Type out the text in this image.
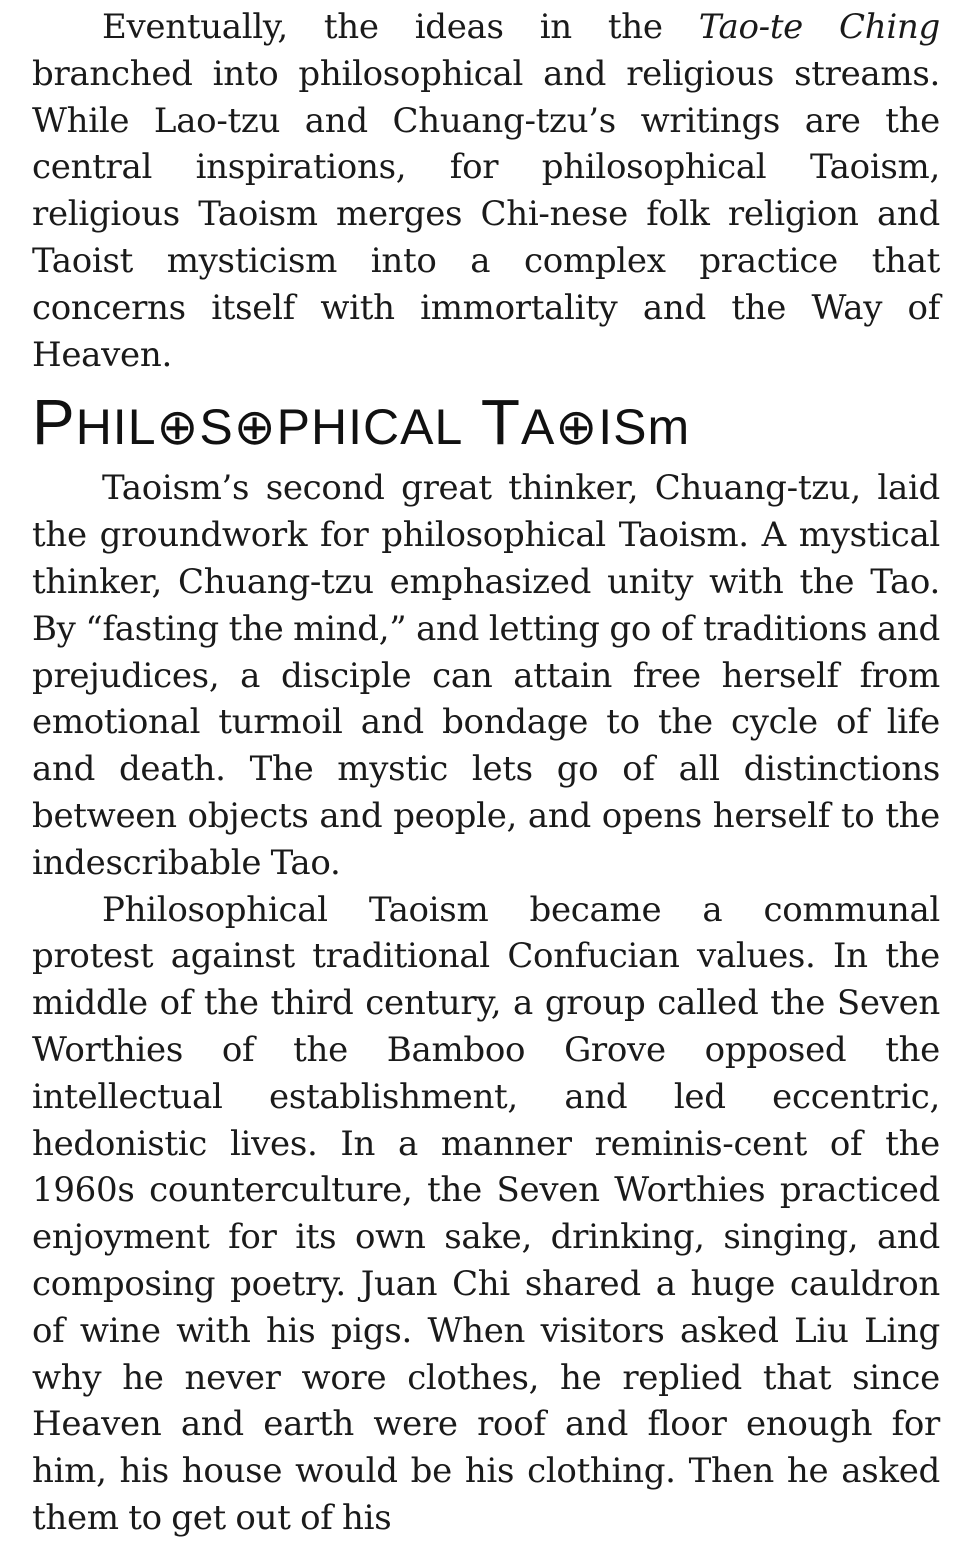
Eventually, the ideas in the Tao-te Ching branched into philosophical and religious streams. While Lao-tzu and Chuang-tzu’s writings are the central inspirations, for philosophical Taoism, religious Taoism merges Chi-nese folk religion and Taoist mysticism into a complex practice that concerns itself with immortality and the Way of Heaven.

PHIL⊕S⊕PHICAL TA⊕ISm

Taoism’s second great thinker, Chuang-tzu, laid the groundwork for philosophical Taoism. A mystical thinker, Chuang-tzu emphasized unity with the Tao. By “fasting the mind,” and letting go of traditions and prejudices, a disciple can attain free herself from emotional turmoil and bondage to the cycle of life and death. The mystic lets go of all distinctions between objects and people, and opens herself to the indescribable Tao.

Philosophical Taoism became a communal protest against traditional Confucian values. In the middle of the third century, a group called the Seven Worthies of the Bamboo Grove opposed the intellectual establishment, and led eccentric, hedonistic lives. In a manner reminis-cent of the 1960s counterculture, the Seven Worthies practiced enjoyment for its own sake, drinking, singing, and composing poetry. Juan Chi shared a huge cauldron of wine with his pigs. When visitors asked Liu Ling why he never wore clothes, he replied that since Heaven and earth were roof and floor enough for him, his house would be his clothing. Then he asked them to get out of his
